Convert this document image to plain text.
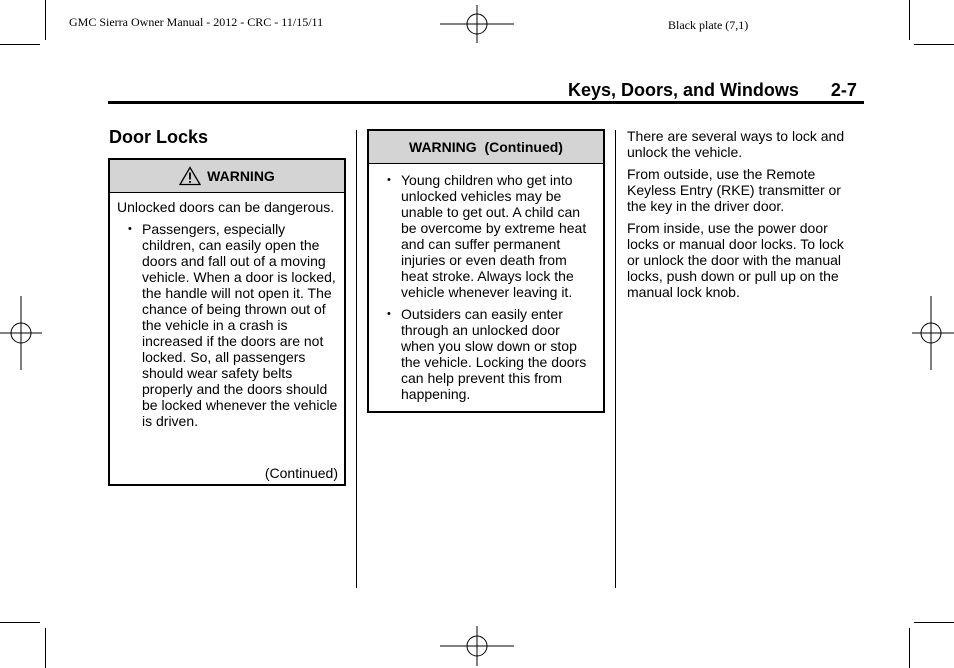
GMC Sierra Owner Manual - 2012 - CRC - 11/15/11	Black plate (7,1)
Keys, Doors, and Windows 2-7
Door Locks
WARNING

Unlocked doors can be dangerous.

• Passengers, especially children, can easily open the doors and fall out of a moving vehicle. When a door is locked, the handle will not open it. The chance of being thrown out of the vehicle in a crash is increased if the doors are not locked. So, all passengers should wear safety belts properly and the doors should be locked whenever the vehicle is driven.

(Continued)
WARNING  (Continued)
• Young children who get into unlocked vehicles may be unable to get out. A child can be overcome by extreme heat and can suffer permanent injuries or even death from heat stroke. Always lock the vehicle whenever leaving it.

• Outsiders can easily enter through an unlocked door when you slow down or stop the vehicle. Locking the doors can help prevent this from happening.

There are several ways to lock and unlock the vehicle.

From outside, use the Remote Keyless Entry (RKE) transmitter or the key in the driver door.

From inside, use the power door locks or manual door locks. To lock or unlock the door with the manual locks, push down or pull up on the manual lock knob.
